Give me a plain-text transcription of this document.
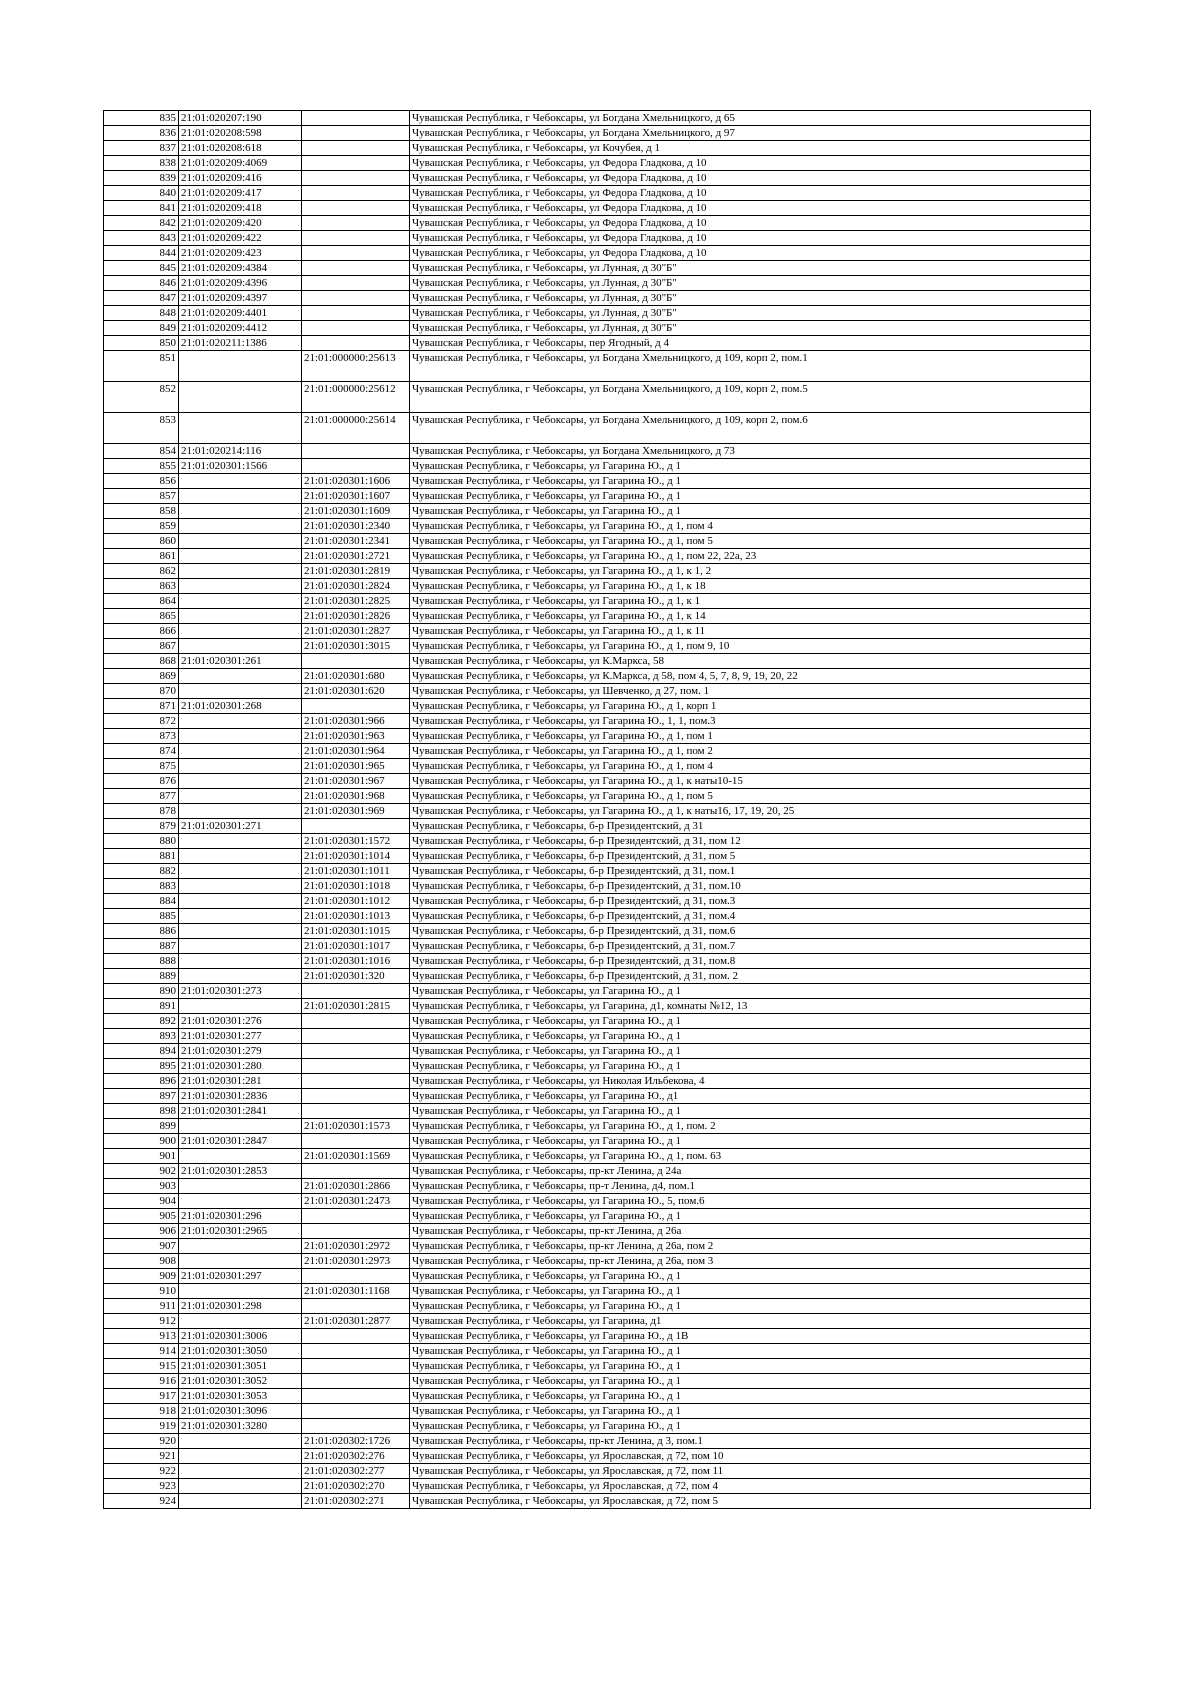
835	21:01:020207:190		Чувашская Республика, г Чебоксары, ул Богдана Хмельницкого, д 65
836	21:01:020208:598		Чувашская Республика, г Чебоксары, ул Богдана Хмельницкого, д 97
837	21:01:020208:618		Чувашская Республика, г Чебоксары, ул Кочубея, д 1
838	21:01:020209:4069		Чувашская Республика, г Чебоксары, ул Федора Гладкова, д 10
839	21:01:020209:416		Чувашская Республика, г Чебоксары, ул Федора Гладкова, д 10
840	21:01:020209:417		Чувашская Республика, г Чебоксары, ул Федора Гладкова, д 10
841	21:01:020209:418		Чувашская Республика, г Чебоксары, ул Федора Гладкова, д 10
842	21:01:020209:420		Чувашская Республика, г Чебоксары, ул Федора Гладкова, д 10
843	21:01:020209:422		Чувашская Республика, г Чебоксары, ул Федора Гладкова, д 10
844	21:01:020209:423		Чувашская Республика, г Чебоксары, ул Федора Гладкова, д 10
845	21:01:020209:4384		Чувашская Республика, г Чебоксары, ул Лунная, д 30"Б"
846	21:01:020209:4396		Чувашская Республика, г Чебоксары, ул Лунная, д 30"Б"
847	21:01:020209:4397		Чувашская Республика, г Чебоксары, ул Лунная, д 30"Б"
848	21:01:020209:4401		Чувашская Республика, г Чебоксары, ул Лунная, д 30"Б"
849	21:01:020209:4412		Чувашская Республика, г Чебоксары, ул Лунная, д 30"Б"
850	21:01:020211:1386		Чувашская Республика, г Чебоксары, пер Ягодный, д 4
851		21:01:000000:25613	Чувашская Республика, г Чебоксары, ул Богдана Хмельницкого, д 109, корп 2, пом.1
852		21:01:000000:25612	Чувашская Республика, г Чебоксары, ул Богдана Хмельницкого, д 109, корп 2, пом.5
853		21:01:000000:25614	Чувашская Республика, г Чебоксары, ул Богдана Хмельницкого, д 109, корп 2, пом.6
854	21:01:020214:116		Чувашская Республика, г Чебоксары, ул Богдана Хмельницкого, д 73
855	21:01:020301:1566		Чувашская Республика, г Чебоксары, ул Гагарина Ю., д 1
856		21:01:020301:1606	Чувашская Республика, г Чебоксары, ул Гагарина Ю., д 1
857		21:01:020301:1607	Чувашская Республика, г Чебоксары, ул Гагарина Ю., д 1
858		21:01:020301:1609	Чувашская Республика, г Чебоксары, ул Гагарина Ю., д 1
859		21:01:020301:2340	Чувашская Республика, г Чебоксары, ул Гагарина Ю., д 1, пом 4
860		21:01:020301:2341	Чувашская Республика, г Чебоксары, ул Гагарина Ю., д 1, пом 5
861		21:01:020301:2721	Чувашская Республика, г Чебоксары, ул Гагарина Ю., д 1, пом 22, 22а, 23
862		21:01:020301:2819	Чувашская Республика, г Чебоксары, ул Гагарина Ю., д 1, к 1, 2
863		21:01:020301:2824	Чувашская Республика, г Чебоксары, ул Гагарина Ю., д 1, к 18
864		21:01:020301:2825	Чувашская Республика, г Чебоксары, ул Гагарина Ю., д 1, к 1
865		21:01:020301:2826	Чувашская Республика, г Чебоксары, ул Гагарина Ю., д 1, к 14
866		21:01:020301:2827	Чувашская Республика, г Чебоксары, ул Гагарина Ю., д 1, к 11
867		21:01:020301:3015	Чувашская Республика, г Чебоксары, ул Гагарина Ю., д 1, пом 9, 10
868	21:01:020301:261		Чувашская Республика, г Чебоксары, ул К.Маркса, 58
869		21:01:020301:680	Чувашская Республика, г Чебоксары, ул К.Маркса, д 58, пом 4, 5, 7, 8, 9, 19, 20, 22
870		21:01:020301:620	Чувашская Республика, г Чебоксары, ул Шевченко, д 27, пом. 1
871	21:01:020301:268		Чувашская Республика, г Чебоксары, ул Гагарина Ю., д 1, корп 1
872		21:01:020301:966	Чувашская Республика, г Чебоксары, ул Гагарина Ю., 1, 1, пом.3
873		21:01:020301:963	Чувашская Республика, г Чебоксары, ул Гагарина Ю., д 1, пом 1
874		21:01:020301:964	Чувашская Республика, г Чебоксары, ул Гагарина Ю., д 1, пом 2
875		21:01:020301:965	Чувашская Республика, г Чебоксары, ул Гагарина Ю., д 1, пом 4
876		21:01:020301:967	Чувашская Республика, г Чебоксары, ул Гагарина Ю., д 1, к наты10-15
877		21:01:020301:968	Чувашская Республика, г Чебоксары, ул Гагарина Ю., д 1, пом 5
878		21:01:020301:969	Чувашская Республика, г Чебоксары, ул Гагарина Ю., д 1, к наты16, 17, 19, 20, 25
879	21:01:020301:271		Чувашская Республика, г Чебоксары, б-р Президентский, д 31
880		21:01:020301:1572	Чувашская Республика, г Чебоксары, б-р Президентский, д 31, пом 12
881		21:01:020301:1014	Чувашская Республика, г Чебоксары, б-р Президентский, д 31, пом 5
882		21:01:020301:1011	Чувашская Республика, г Чебоксары, б-р Президентский, д 31, пом.1
883		21:01:020301:1018	Чувашская Республика, г Чебоксары, б-р Президентский, д 31, пом.10
884		21:01:020301:1012	Чувашская Республика, г Чебоксары, б-р Президентский, д 31, пом.3
885		21:01:020301:1013	Чувашская Республика, г Чебоксары, б-р Президентский, д 31, пом.4
886		21:01:020301:1015	Чувашская Республика, г Чебоксары, б-р Президентский, д 31, пом.6
887		21:01:020301:1017	Чувашская Республика, г Чебоксары, б-р Президентский, д 31, пом.7
888		21:01:020301:1016	Чувашская Республика, г Чебоксары, б-р Президентский, д 31, пом.8
889		21:01:020301:320	Чувашская Республика, г Чебоксары, б-р Президентский, д 31, пом. 2
890	21:01:020301:273		Чувашская Республика, г Чебоксары, ул Гагарина Ю., д 1
891		21:01:020301:2815	Чувашская Республика, г Чебоксары, ул Гагарина, д1, комнаты №12, 13
892	21:01:020301:276		Чувашская Республика, г Чебоксары, ул Гагарина Ю., д 1
893	21:01:020301:277		Чувашская Республика, г Чебоксары, ул Гагарина Ю., д 1
894	21:01:020301:279		Чувашская Республика, г Чебоксары, ул Гагарина Ю., д 1
895	21:01:020301:280		Чувашская Республика, г Чебоксары, ул Гагарина Ю., д 1
896	21:01:020301:281		Чувашская Республика, г Чебоксары, ул Николая Ильбекова, 4
897	21:01:020301:2836		Чувашская Республика, г Чебоксары, ул Гагарина Ю., д1
898	21:01:020301:2841		Чувашская Республика, г Чебоксары, ул Гагарина Ю., д 1
899		21:01:020301:1573	Чувашская Республика, г Чебоксары, ул Гагарина Ю., д 1, пом. 2
900	21:01:020301:2847		Чувашская Республика, г Чебоксары, ул Гагарина Ю., д 1
901		21:01:020301:1569	Чувашская Республика, г Чебоксары, ул Гагарина Ю., д 1, пом. 63
902	21:01:020301:2853		Чувашская Республика, г Чебоксары, пр-кт Ленина, д 24а
903		21:01:020301:2866	Чувашская Республика, г Чебоксары, пр-т Ленина, д4, пом.1
904		21:01:020301:2473	Чувашская Республика, г Чебоксары, ул Гагарина Ю., 5, пом.6
905	21:01:020301:296		Чувашская Республика, г Чебоксары, ул Гагарина Ю., д 1
906	21:01:020301:2965		Чувашская Республика, г Чебоксары, пр-кт Ленина, д 26а
907		21:01:020301:2972	Чувашская Республика, г Чебоксары, пр-кт Ленина, д 26а, пом 2
908		21:01:020301:2973	Чувашская Республика, г Чебоксары, пр-кт Ленина, д 26а, пом 3
909	21:01:020301:297		Чувашская Республика, г Чебоксары, ул Гагарина Ю., д 1
910		21:01:020301:1168	Чувашская Республика, г Чебоксары, ул Гагарина Ю., д 1
911	21:01:020301:298		Чувашская Республика, г Чебоксары, ул Гагарина Ю., д 1
912		21:01:020301:2877	Чувашская Республика, г Чебоксары, ул Гагарина, д1
913	21:01:020301:3006		Чувашская Республика, г Чебоксары, ул Гагарина Ю., д 1В
914	21:01:020301:3050		Чувашская Республика, г Чебоксары, ул Гагарина Ю., д 1
915	21:01:020301:3051		Чувашская Республика, г Чебоксары, ул Гагарина Ю., д 1
916	21:01:020301:3052		Чувашская Республика, г Чебоксары, ул Гагарина Ю., д 1
917	21:01:020301:3053		Чувашская Республика, г Чебоксары, ул Гагарина Ю., д 1
918	21:01:020301:3096		Чувашская Республика, г Чебоксары, ул Гагарина Ю., д 1
919	21:01:020301:3280		Чувашская Республика, г Чебоксары, ул Гагарина Ю., д 1
920		21:01:020302:1726	Чувашская Республика, г Чебоксары, пр-кт Ленина, д 3, пом.1
921		21:01:020302:276	Чувашская Республика, г Чебоксары, ул Ярославская, д 72, пом 10
922		21:01:020302:277	Чувашская Республика, г Чебоксары, ул Ярославская, д 72, пом 11
923		21:01:020302:270	Чувашская Республика, г Чебоксары, ул Ярославская, д 72, пом 4
924		21:01:020302:271	Чувашская Республика, г Чебоксары, ул Ярославская, д 72, пом 5
